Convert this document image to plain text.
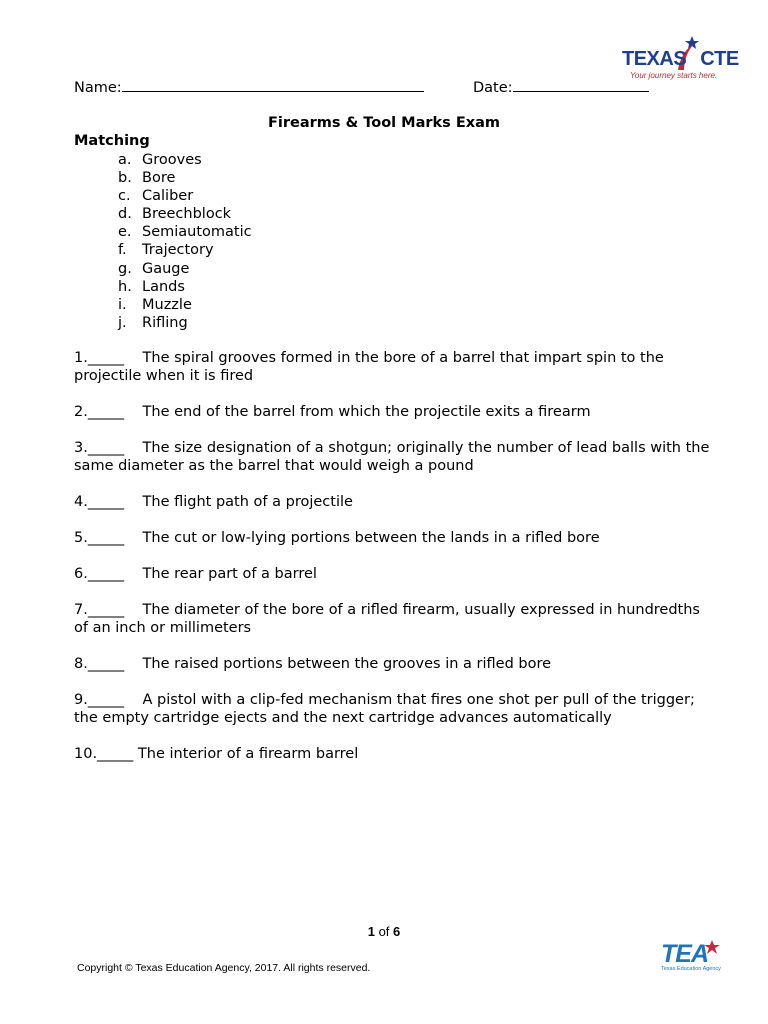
TEXAS CTE
Your journey starts here.
Name:	Date:
Firearms & Tool Marks Exam
Matching
a. Grooves
b. Bore
c. Caliber
d. Breechblock
e. Semiautomatic
f. Trajectory
g. Gauge
h. Lands
i. Muzzle
j. Rifling

1._____ The spiral grooves formed in the bore of a barrel that impart spin to the projectile when it is fired

2._____ The end of the barrel from which the projectile exits a firearm

3._____ The size designation of a shotgun; originally the number of lead balls with the same diameter as the barrel that would weigh a pound

4._____ The flight path of a projectile

5._____ The cut or low-lying portions between the lands in a rifled bore

6._____ The rear part of a barrel

7._____ The diameter of the bore of a rifled firearm, usually expressed in hundredths of an inch or millimeters

8._____ The raised portions between the grooves in a rifled bore

9._____ A pistol with a clip-fed mechanism that fires one shot per pull of the trigger; the empty cartridge ejects and the next cartridge advances automatically

10._____ The interior of a firearm barrel

1 of 6
Copyright © Texas Education Agency, 2017. All rights reserved.	TEA
Texas Education Agency
